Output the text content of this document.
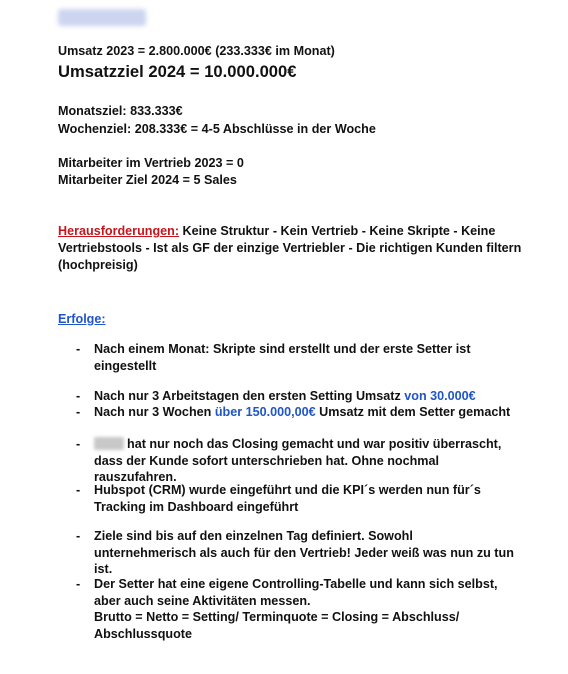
Umsatz 2023 = 2.800.000€ (233.333€ im Monat)
Umsatzziel 2024 = 10.000.000€
Monatsziel: 833.333€
Wochenziel: 208.333€ = 4-5 Abschlüsse in der Woche
Mitarbeiter im Vertrieb 2023 = 0
Mitarbeiter Ziel 2024 = 5 Sales
Herausforderungen: Keine Struktur - Kein Vertrieb - Keine Skripte - Keine Vertriebstools - Ist als GF der einzige Vertriebler - Die richtigen Kunden filtern (hochpreisig)
Erfolge:
- Nach einem Monat: Skripte sind erstellt und der erste Setter ist eingestellt
- Nach nur 3 Arbeitstagen den ersten Setting Umsatz von 30.000€
- Nach nur 3 Wochen über 150.000,00€ Umsatz mit dem Setter gemacht
-	hat nur noch das Closing gemacht und war positiv überrascht, dass der Kunde sofort unterschrieben hat. Ohne nochmal rauszufahren.
- Hubspot (CRM) wurde eingeführt und die KPI´s werden nun für´s Tracking im Dashboard eingeführt
- Ziele sind bis auf den einzelnen Tag definiert. Sowohl unternehmerisch als auch für den Vertrieb! Jeder weiß was nun zu tun ist.
- Der Setter hat eine eigene Controlling-Tabelle und kann sich selbst, aber auch seine Aktivitäten messen.
Brutto = Netto = Setting/ Terminquote = Closing = Abschluss/ Abschlussquote
